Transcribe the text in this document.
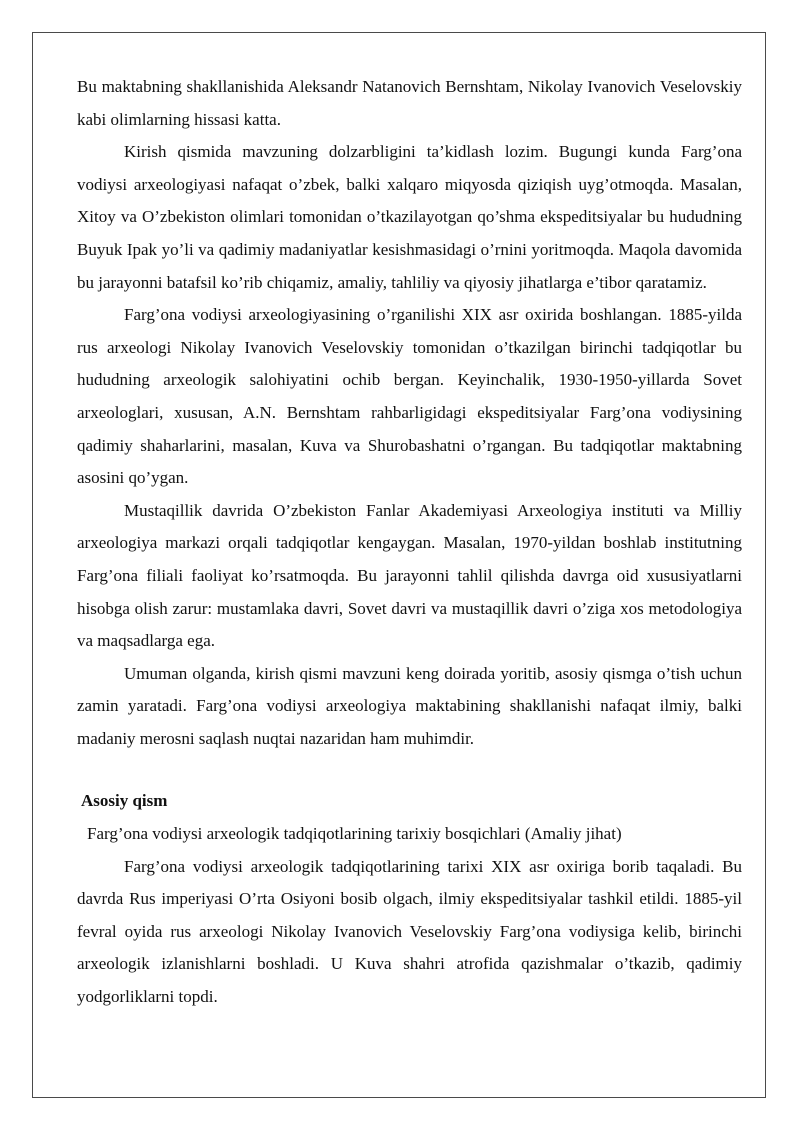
Bu maktabning shakllanishida Aleksandr Natanovich Bernshtam, Nikolay Ivanovich Veselovskiy kabi olimlarning hissasi katta.

Kirish qismida mavzuning dolzarbligini ta’kidlash lozim. Bugungi kunda Farg’ona vodiysi arxeologiyasi nafaqat o’zbek, balki xalqaro miqyosda qiziqish uyg’otmoqda. Masalan, Xitoy va O’zbekiston olimlari tomonidan o’tkazilayotgan qo’shma ekspeditsiyalar bu hududning Buyuk Ipak yo’li va qadimiy madaniyatlar kesishmasidagi o’rnini yoritmoqda. Maqola davomida bu jarayonni batafsil ko’rib chiqamiz, amaliy, tahliliy va qiyosiy jihatlarga e’tibor qaratamiz.

Farg’ona vodiysi arxeologiyasining o’rganilishi XIX asr oxirida boshlangan. 1885-yilda rus arxeologi Nikolay Ivanovich Veselovskiy tomonidan o’tkazilgan birinchi tadqiqotlar bu hududning arxeologik salohiyatini ochib bergan. Keyinchalik, 1930-1950-yillarda Sovet arxeologlari, xususan, A.N. Bernshtam rahbarligidagi ekspeditsiyalar Farg’ona vodiysining qadimiy shaharlarini, masalan, Kuva va Shurobashatni o’rgangan. Bu tadqiqotlar maktabning asosini qo’ygan.

Mustaqillik davrida O’zbekiston Fanlar Akademiyasi Arxeologiya instituti va Milliy arxeologiya markazi orqali tadqiqotlar kengaygan. Masalan, 1970-yildan boshlab institutning Farg’ona filiali faoliyat ko’rsatmoqda. Bu jarayonni tahlil qilishda davrga oid xususiyatlarni hisobga olish zarur: mustamlaka davri, Sovet davri va mustaqillik davri o’ziga xos metodologiya va maqsadlarga ega.

Umuman olganda, kirish qismi mavzuni keng doirada yoritib, asosiy qismga o’tish uchun zamin yaratadi. Farg’ona vodiysi arxeologiya maktabining shakllanishi nafaqat ilmiy, balki madaniy merosni saqlash nuqtai nazaridan ham muhimdir.

Asosiy qism

Farg’ona vodiysi arxeologik tadqiqotlarining tarixiy bosqichlari (Amaliy jihat)

Farg’ona vodiysi arxeologik tadqiqotlarining tarixi XIX asr oxiriga borib taqaladi. Bu davrda Rus imperiyasi O’rta Osiyoni bosib olgach, ilmiy ekspeditsiyalar tashkil etildi. 1885-yil fevral oyida rus arxeologi Nikolay Ivanovich Veselovskiy Farg’ona vodiysiga kelib, birinchi arxeologik izlanishlarni boshladi. U Kuva shahri atrofida qazishmalar o’tkazib, qadimiy yodgorliklarni topdi.
